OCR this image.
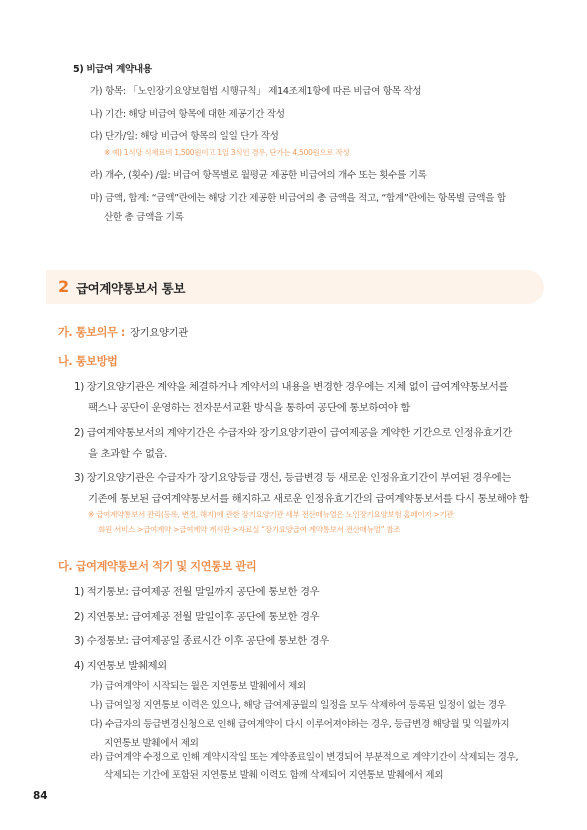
5) 비급여 계약내용
가) 항목: 「노인장기요양보험법 시행규칙」 제14조제1항에 따른 비급여 항목 작성
나) 기간: 해당 비급여 항목에 대한 제공기간 작성
다) 단가/일: 해당 비급여 항목의 일일 단가 작성
※ 예) 1식당 식재료비 1,500원이고 1일 3식인 경우, 단가는 4,500원으로 작성
라) 개수, (횟수) /월: 비급여 항목별로 월평균 제공한 비급여의 개수 또는 횟수를 기록
마) 금액, 합계: “금액”란에는 해당 기간 제공한 비급여의 총 금액을 적고, “합계”란에는 항목별 금액을 합
산한 총 금액을 기록
2 급여계약통보서 통보
가. 통보의무 : 장기요양기관
나. 통보방법
1) 장기요양기관은 계약을 체결하거나 계약서의 내용을 변경한 경우에는 지체 없이 급여계약통보서를
팩스나 공단이 운영하는 전자문서교환 방식을 통하여 공단에 통보하여야 함
2) 급여계약통보서의 계약기간은 수급자와 장기요양기관이 급여제공을 계약한 기간으로 인정유효기간
을 초과할 수 없음.
3) 장기요양기관은 수급자가 장기요양등급 갱신, 등급변경 등 새로운 인정유효기간이 부여된 경우에는
기존에 통보된 급여계약통보서를 해지하고 새로운 인정유효기간의 급여계약통보서를 다시 통보해야 함
※ 급여계약통보서 관리(등록, 변경, 해지)에 관한 장기요양기관 세부 전산매뉴얼은 노인장기요양보험 홈페이지 >기관
회원 서비스 >급여계약 >급여계약 게시판 >자료실 “장기요양급여 계약통보서 전산매뉴얼” 참조
다. 급여계약통보서 적기 및 지연통보 관리
1) 적기통보: 급여제공 전월 말일까지 공단에 통보한 경우
2) 지연통보: 급여제공 전월 말일이후 공단에 통보한 경우
3) 수정통보: 급여제공일 종료시간 이후 공단에 통보한 경우
4) 지연통보 발췌제외
가) 급여계약이 시작되는 월은 지연통보 발췌에서 제외
나) 급여일정 지연통보 이력은 있으나, 해당 급여제공월의 일정을 모두 삭제하여 등록된 일정이 없는 경우
다) 수급자의 등급변경신청으로 인해 급여계약이 다시 이루어져야하는 경우, 등급변경 해당월 및 익월까지
지연통보 발췌에서 제외
라) 급여계약 수정으로 인해 계약시작일 또는 계약종료일이 변경되어 부분적으로 계약기간이 삭제되는 경우,
삭제되는 기간에 포함된 지연통보 발췌 이력도 함께 삭제되어 지연통보 발췌에서 제외
84
